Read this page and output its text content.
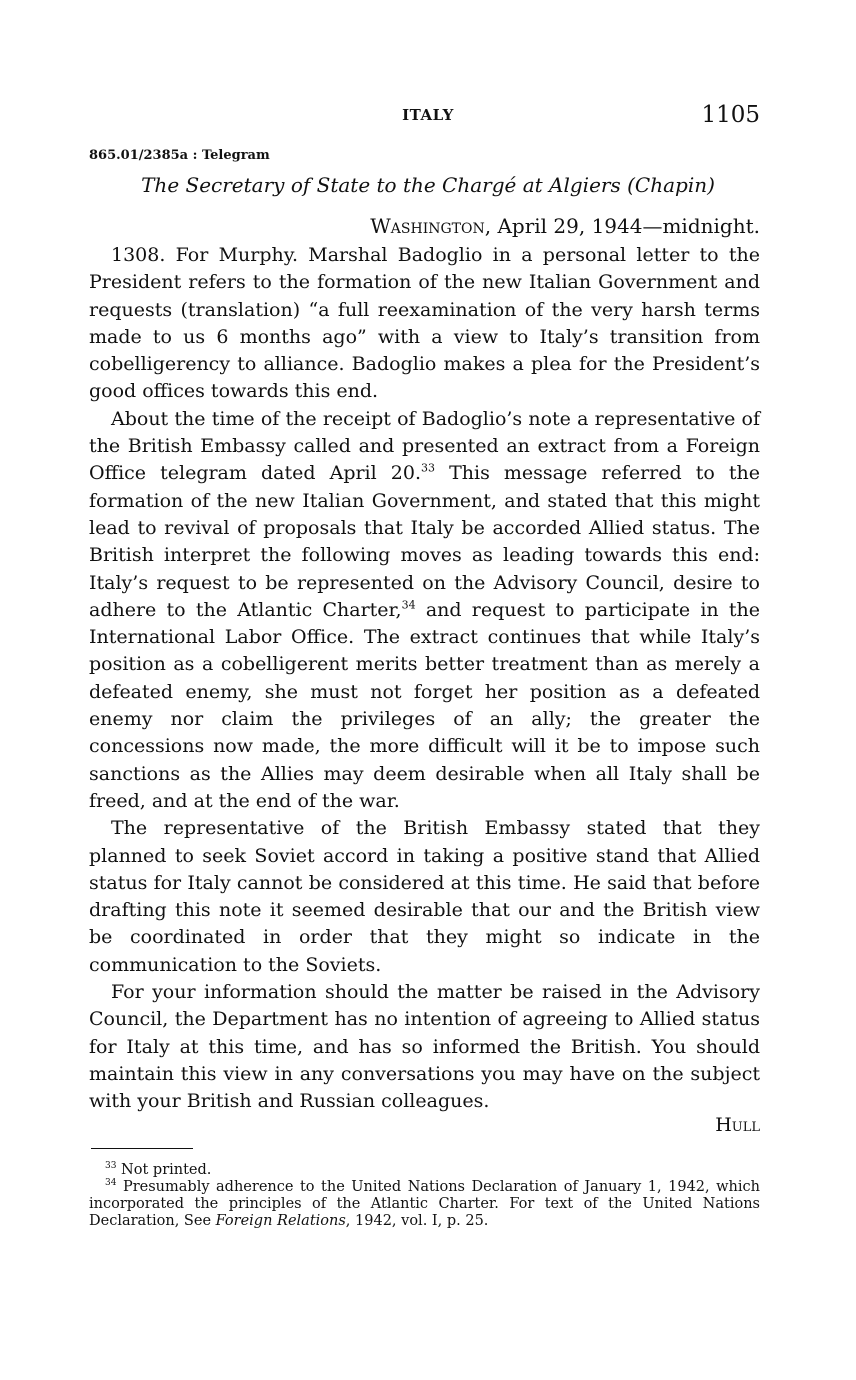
ITALY	1105
865.01/2385a : Telegram
The Secretary of State to the Chargé at Algiers (Chapin)
Washington, April 29, 1944—midnight.

1308. For Murphy. Marshal Badoglio in a personal letter to the President refers to the formation of the new Italian Government and requests (translation) “a full reexamination of the very harsh terms made to us 6 months ago” with a view to Italy’s transition from cobelligerency to alliance. Badoglio makes a plea for the President’s good offices towards this end.

About the time of the receipt of Badoglio’s note a representative of the British Embassy called and presented an extract from a Foreign Office telegram dated April 20.33 This message referred to the formation of the new Italian Government, and stated that this might lead to revival of proposals that Italy be accorded Allied status. The British interpret the following moves as leading towards this end: Italy’s request to be represented on the Advisory Council, desire to adhere to the Atlantic Charter,$^{34}$ and request to participate in the International Labor Office. The extract continues that while Italy’s position as a cobelligerent merits better treatment than as merely a defeated enemy, she must not forget her position as a defeated enemy nor claim the privileges of an ally; the greater the concessions now made, the more difficult will it be to impose such sanctions as the Allies may deem desirable when all Italy shall be freed, and at the end of the war.

The representative of the British Embassy stated that they planned to seek Soviet accord in taking a positive stand that Allied status for Italy cannot be considered at this time. He said that before drafting this note it seemed desirable that our and the British view be coordinated in order that they might so indicate in the communication to the Soviets.

For your information should the matter be raised in the Advisory Council, the Department has no intention of agreeing to Allied status for Italy at this time, and has so informed the British. You should maintain this view in any conversations you may have on the subject with your British and Russian colleagues.

Hull

$^{33}$ Not printed.

$^{34}$ Presumably adherence to the United Nations Declaration of January 1, 1942, which incorporated the principles of the Atlantic Charter. For text of the United Nations Declaration, See Foreign Relations, 1942, vol. I, p. 25.
